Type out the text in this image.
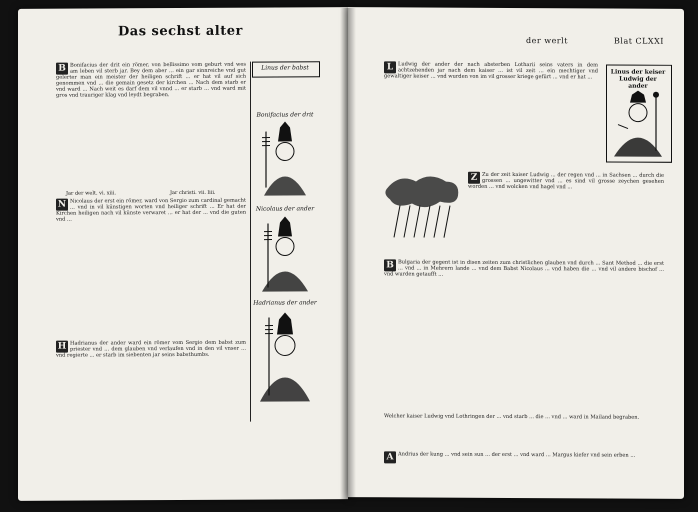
Das sechst alter
Linus der babst
Bonifacius der drit
Nicolaus der ander
Hadrianus der ander

B Bonifacius der drit ein römer, von bellissimo vom geburt vnd wes am leben vil sterb jar. Bey dem aber ... ein gar sinnreiche vnd gut gelerter man ein meister der heiligen schrift ... er hat vil auf sich genommen vnd ... die gemain gesetz der kirchen ... Nach dem starb er vnd ward ... Nach weit es darf dem vil vnnd ... er starb ... vnd ward mit gros vnd trauriger klag vnd leydt begraben.

Jar der welt. vi. xiii.	Jar christi. vii. liii.

N Nicolaus der erst ein römer, ward von Sergio zum cardinal gemacht ... vnd in vil künstigen worten vnd heiliger schrift ... Er hat der Kirchen heiligen nach vil künste verwaret ... er hat der ... vnd die guten vnd ...

H Hadrianus der ander ward ein römer vom Sergio dem babst zum priester vnd ... dem glauben vnd verlaufen vnd in den vil vnser ... vnd regierte ... er starb im siebenten jar seins babsthumbs.

der werlt	Blat CLXXI
Linus der keiser Ludwig der ander

L Ludwig der ander der nach absterben Lotharii seins vaters in dem achtzehenden jar nach dem kaiser ... ist vil zeit ... ein mechtiger vnd gewaltiger keiser ... vnd wurden von im vil grosser kriege gefürt ... vnd er hat ...

Z Zu der zeit kaiser Ludwig ... der regen vnd ... in Sachsen ... durch die grossen ... ungewitter vnd ... es sind vil grosse zeychen gesehen worden ... vnd wolcken vnd hagel vnd ...

B Bulgaria der gegent ist in disen zeiten zum christlichen glauben vnd durch ... Sant Method ... die erst ... vnd ... in Mehrern lande ... vnd dem Babst Nicolaus ... vnd haben die ... vnd vil andere bischof ... vnd wurden getaufft ...

Welcher kaiser Ludwig vnd Lothringen der ... vnd starb ... die ... vnd ... ward in Mailand begraben.

A Andrius der kung ... vnd sein sun ... der erst ... vnd ward ... Margus kiefer vnd sein erben ...
